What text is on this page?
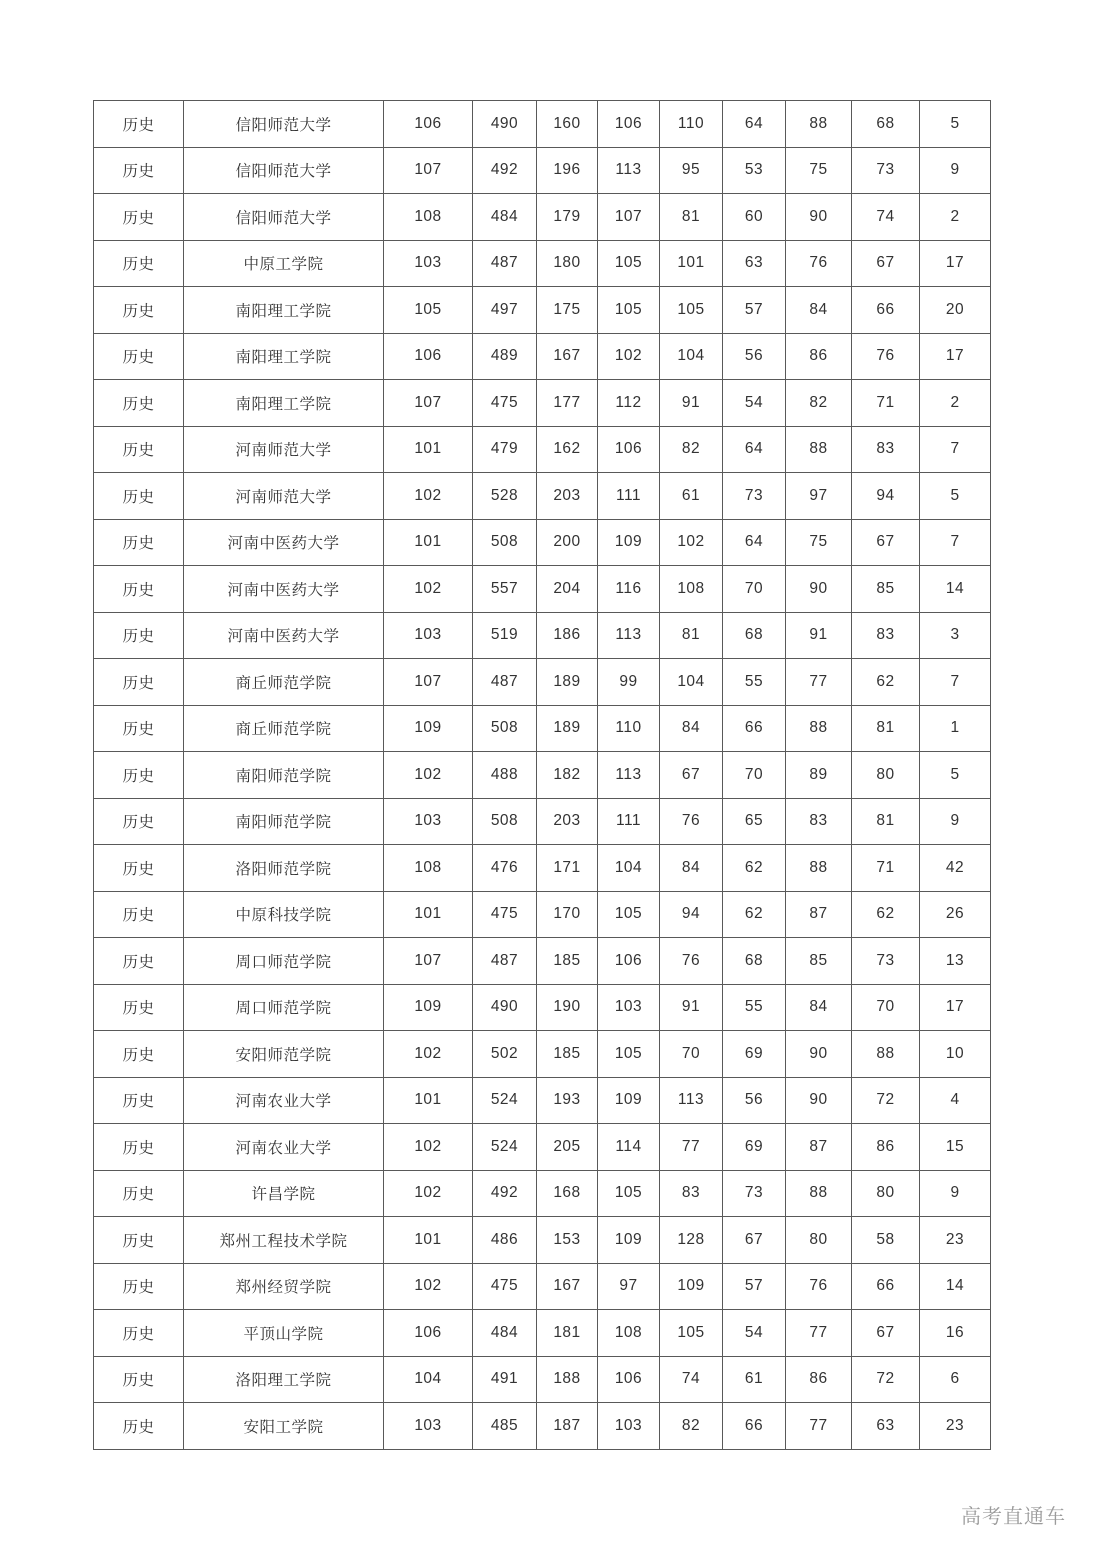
历史	信阳师范大学	106	490	160	106	110	64	88	68	5
历史	信阳师范大学	107	492	196	113	95	53	75	73	9
历史	信阳师范大学	108	484	179	107	81	60	90	74	2
历史	中原工学院	103	487	180	105	101	63	76	67	17
历史	南阳理工学院	105	497	175	105	105	57	84	66	20
历史	南阳理工学院	106	489	167	102	104	56	86	76	17
历史	南阳理工学院	107	475	177	112	91	54	82	71	2
历史	河南师范大学	101	479	162	106	82	64	88	83	7
历史	河南师范大学	102	528	203	111	61	73	97	94	5
历史	河南中医药大学	101	508	200	109	102	64	75	67	7
历史	河南中医药大学	102	557	204	116	108	70	90	85	14
历史	河南中医药大学	103	519	186	113	81	68	91	83	3
历史	商丘师范学院	107	487	189	99	104	55	77	62	7
历史	商丘师范学院	109	508	189	110	84	66	88	81	1
历史	南阳师范学院	102	488	182	113	67	70	89	80	5
历史	南阳师范学院	103	508	203	111	76	65	83	81	9
历史	洛阳师范学院	108	476	171	104	84	62	88	71	42
历史	中原科技学院	101	475	170	105	94	62	87	62	26
历史	周口师范学院	107	487	185	106	76	68	85	73	13
历史	周口师范学院	109	490	190	103	91	55	84	70	17
历史	安阳师范学院	102	502	185	105	70	69	90	88	10
历史	河南农业大学	101	524	193	109	113	56	90	72	4
历史	河南农业大学	102	524	205	114	77	69	87	86	15
历史	许昌学院	102	492	168	105	83	73	88	80	9
历史	郑州工程技术学院	101	486	153	109	128	67	80	58	23
历史	郑州经贸学院	102	475	167	97	109	57	76	66	14
历史	平顶山学院	106	484	181	108	105	54	77	67	16
历史	洛阳理工学院	104	491	188	106	74	61	86	72	6
历史	安阳工学院	103	485	187	103	82	66	77	63	23
高考直通车
